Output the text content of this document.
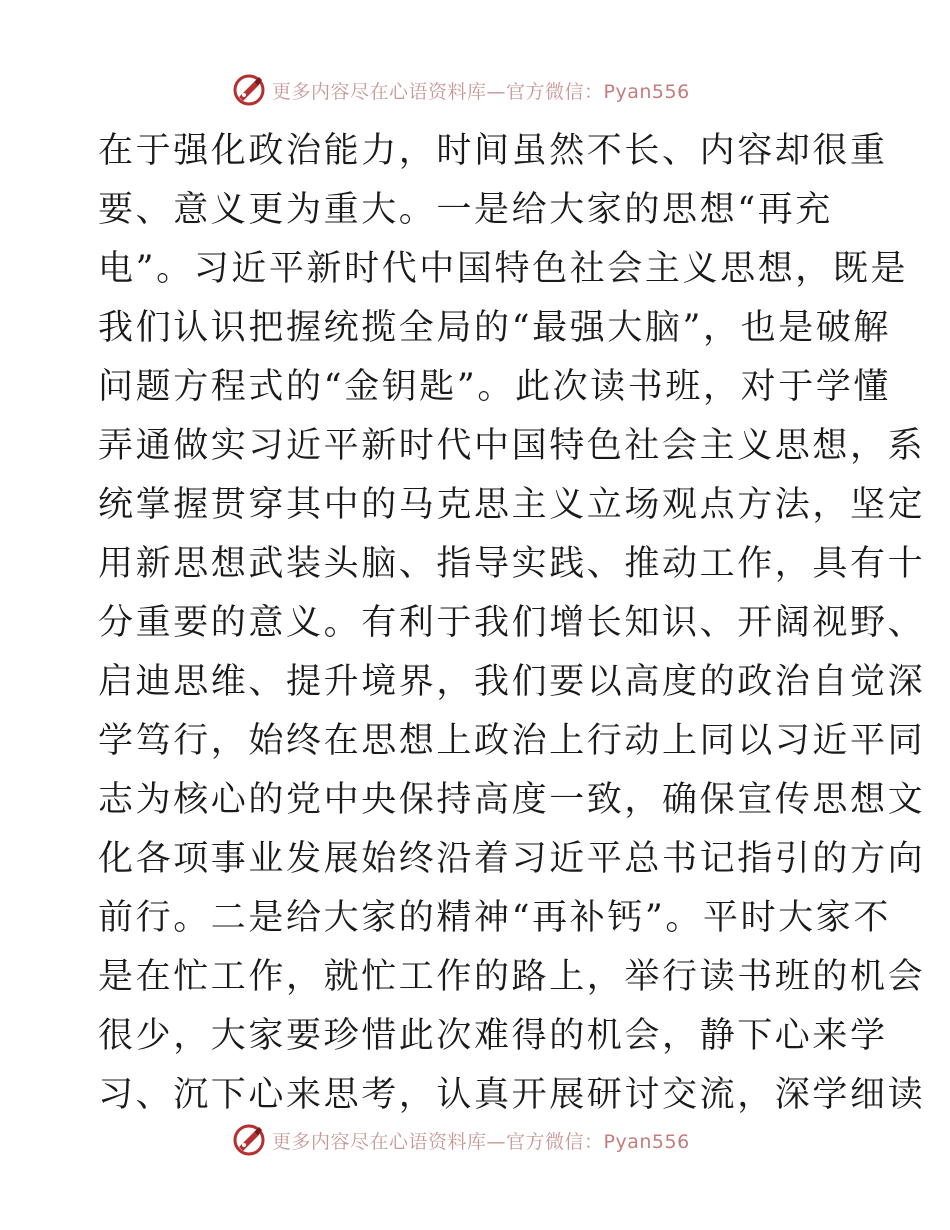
更多内容尽在心语资料库—官方微信：Pyan556
在于强化政治能力，时间虽然不长、内容却很重
要、意义更为重大。一是给大家的思想“再充
电”。习近平新时代中国特色社会主义思想，既是
我们认识把握统揽全局的“最强大脑”，也是破解
问题方程式的“金钥匙”。此次读书班，对于学懂
弄通做实习近平新时代中国特色社会主义思想，系
统掌握贯穿其中的马克思主义立场观点方法，坚定
用新思想武装头脑、指导实践、推动工作，具有十
分重要的意义。有利于我们增长知识、开阔视野、
启迪思维、提升境界，我们要以高度的政治自觉深
学笃行，始终在思想上政治上行动上同以习近平同
志为核心的党中央保持高度一致，确保宣传思想文
化各项事业发展始终沿着习近平总书记指引的方向
前行。二是给大家的精神“再补钙”。平时大家不
是在忙工作，就忙工作的路上，举行读书班的机会
很少，大家要珍惜此次难得的机会，静下心来学
习、沉下心来思考，认真开展研讨交流，深学细读
更多内容尽在心语资料库—官方微信：Pyan556
